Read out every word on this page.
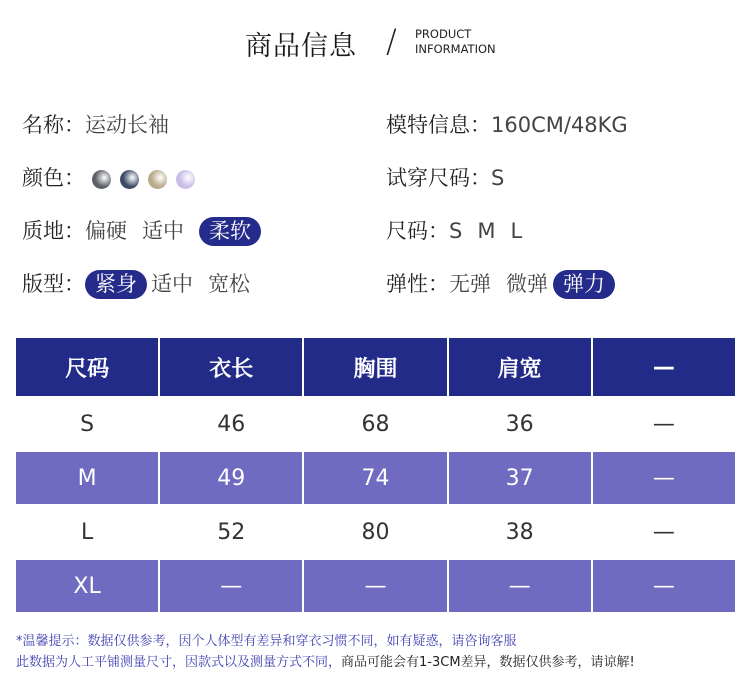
商品信息 / PRODUCT
INFORMATION
名称：运动长袖
颜色：
质地：偏硬 适中 柔软
版型： 紧身 适中 宽松
模特信息：160CM/48KG
试穿尺码：S
尺码：S M L
弹性：无弹 微弹 弹力
尺码	衣长	胸围	肩宽	—
S	46	68	36	—
M	49	74	37	—
L	52	80	38	—
XL	—	—	—	—
*温馨提示：数据仅供参考，因个人体型有差异和穿衣习惯不同，如有疑惑，请咨询客服
此数据为人工平铺测量尺寸，因款式以及测量方式不同，商品可能会有1-3CM差异，数据仅供参考，请谅解!
